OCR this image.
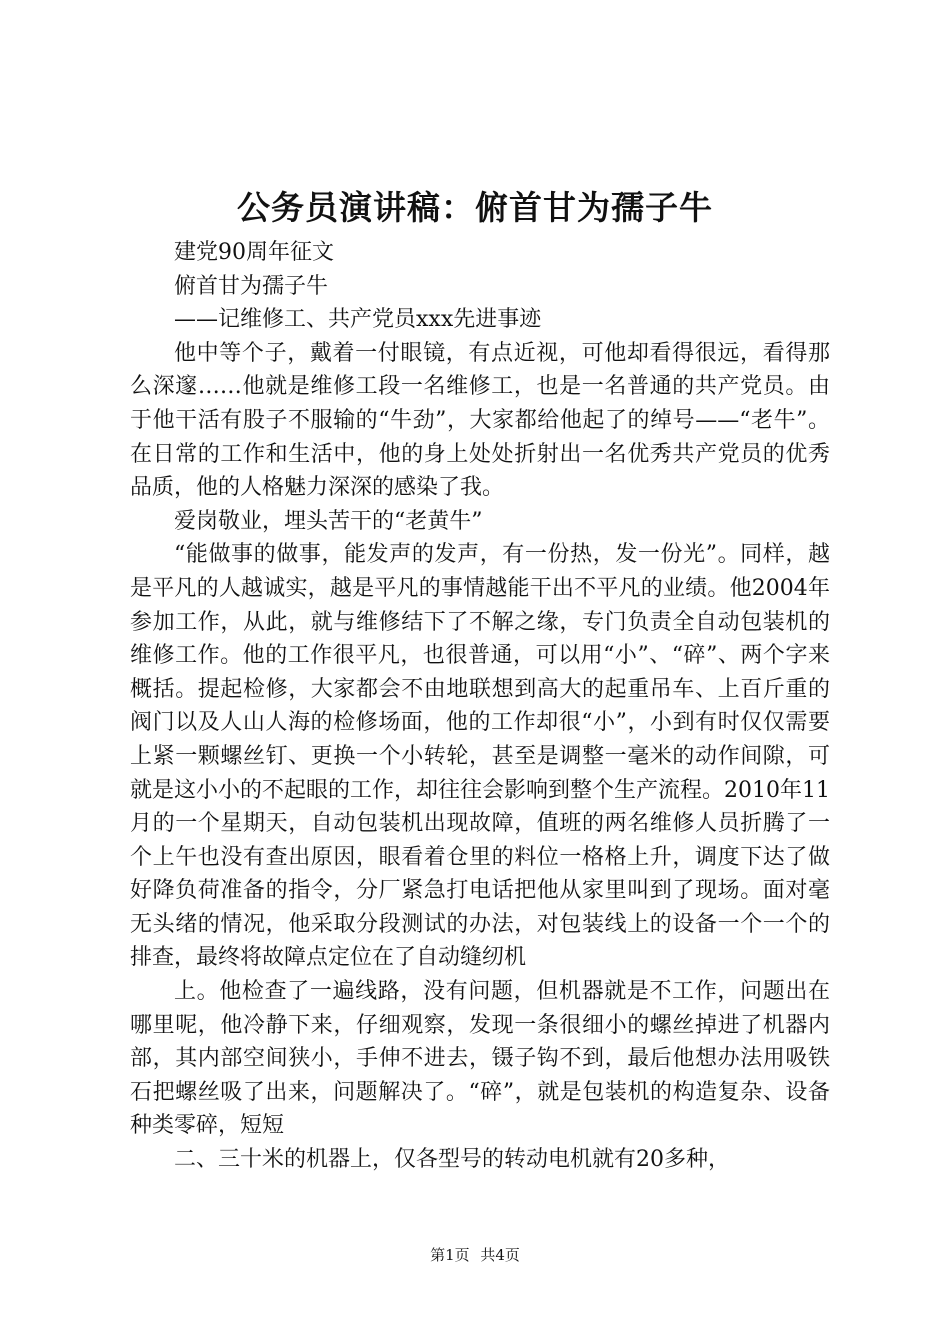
公务员演讲稿：俯首甘为孺子牛

建党90周年征文

俯首甘为孺子牛

——记维修工、共产党员xxx先进事迹

他中等个子，戴着一付眼镜，有点近视，可他却看得很远，看得那么深邃……他就是维修工段一名维修工，也是一名普通的共产党员。由于他干活有股子不服输的“牛劲”，大家都给他起了的绰号——“老牛”。在日常的工作和生活中，他的身上处处折射出一名优秀共产党员的优秀品质，他的人格魅力深深的感染了我。

爱岗敬业，埋头苦干的“老黄牛”

“能做事的做事，能发声的发声，有一份热，发一份光”。同样，越是平凡的人越诚实，越是平凡的事情越能干出不平凡的业绩。他2004年参加工作，从此，就与维修结下了不解之缘，专门负责全自动包装机的维修工作。他的工作很平凡，也很普通，可以用“小”、“碎”、两个字来概括。提起检修，大家都会不由地联想到高大的起重吊车、上百斤重的阀门以及人山人海的检修场面，他的工作却很“小”，小到有时仅仅需要上紧一颗螺丝钉、更换一个小转轮，甚至是调整一毫米的动作间隙，可就是这小小的不起眼的工作，却往往会影响到整个生产流程。2010年11月的一个星期天，自动包装机出现故障，值班的两名维修人员折腾了一个上午也没有查出原因，眼看着仓里的料位一格格上升，调度下达了做好降负荷准备的指令，分厂紧急打电话把他从家里叫到了现场。面对毫无头绪的情况，他采取分段测试的办法，对包装线上的设备一个一个的排查，最终将故障点定位在了自动缝纫机

上。他检查了一遍线路，没有问题，但机器就是不工作，问题出在哪里呢，他冷静下来，仔细观察，发现一条很细小的螺丝掉进了机器内部，其内部空间狭小，手伸不进去，镊子钩不到，最后他想办法用吸铁石把螺丝吸了出来，问题解决了。“碎”，就是包装机的构造复杂、设备种类零碎，短短

二、三十米的机器上，仅各型号的转动电机就有20多种，

第1页 共4页
